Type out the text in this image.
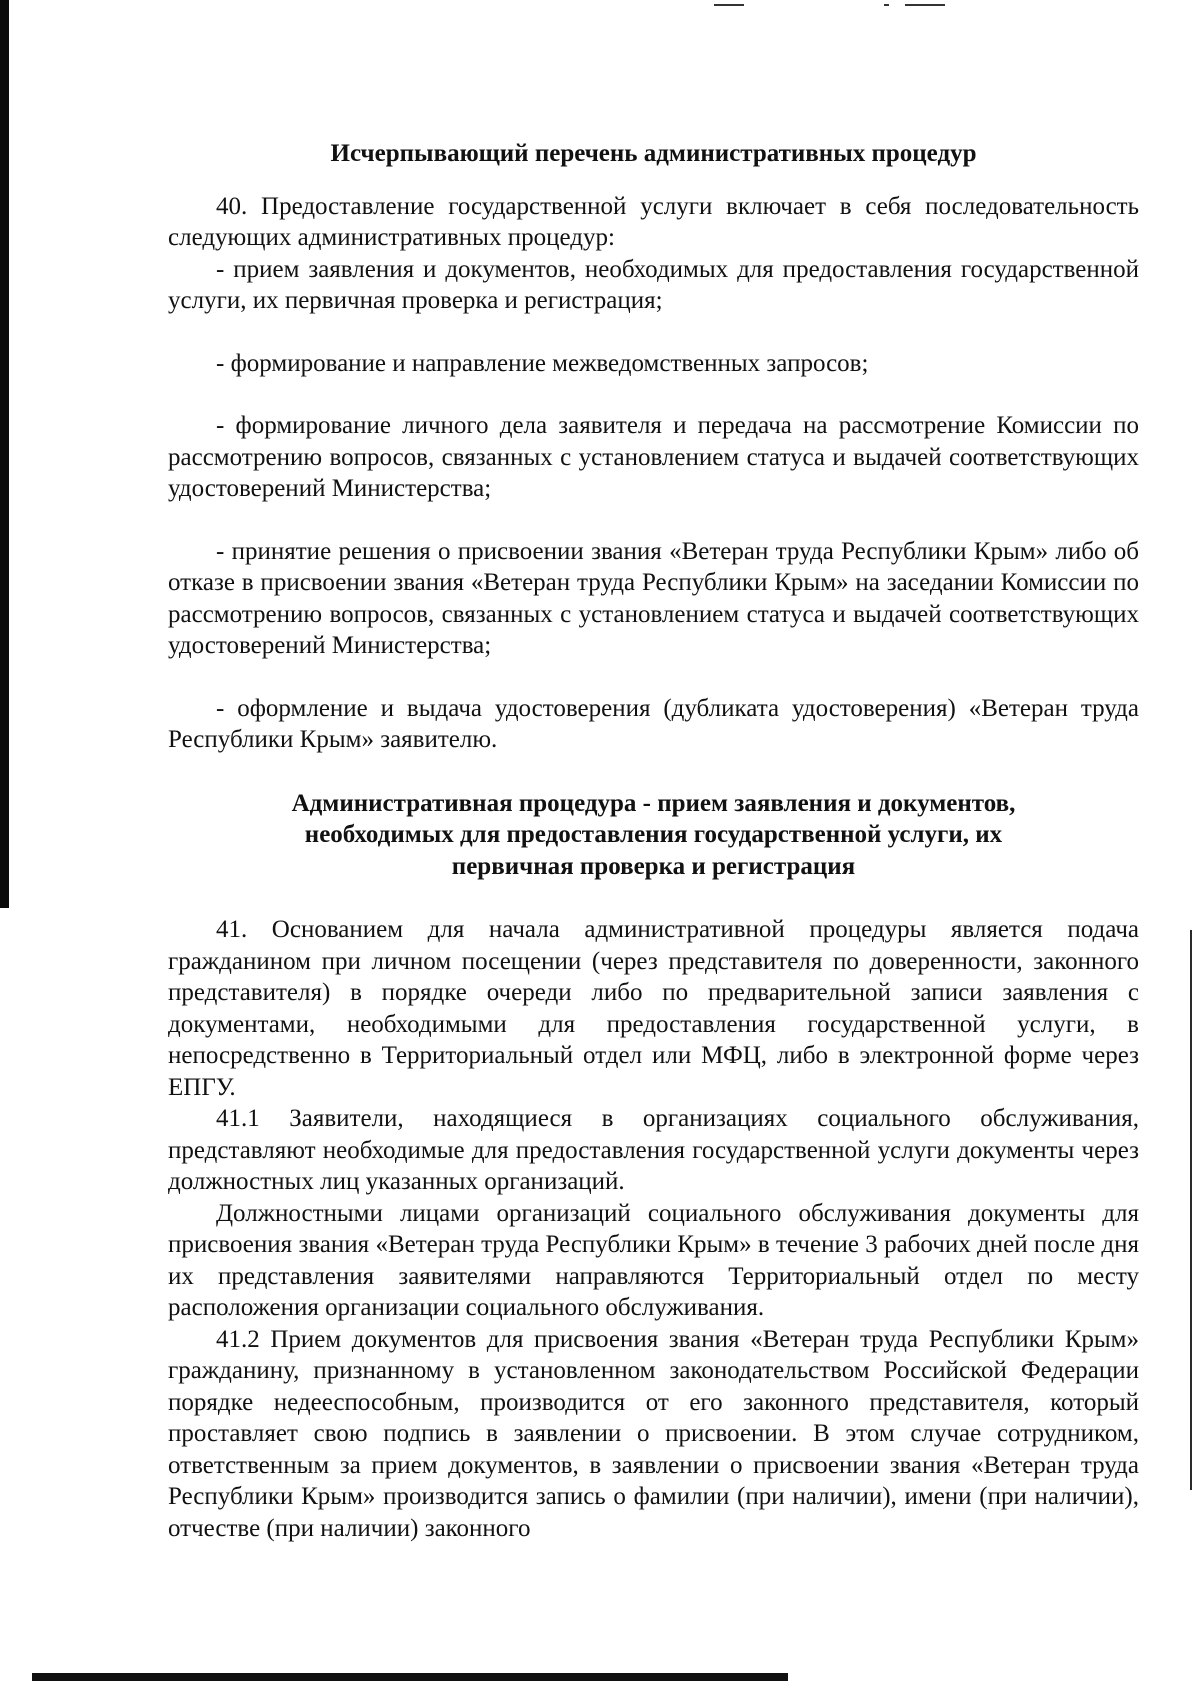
Исчерпывающий перечень административных процедур

40. Предоставление государственной услуги включает в себя последовательность следующих административных процедур:

- прием заявления и документов, необходимых для предоставления государственной услуги, их первичная проверка и регистрация;

- формирование и направление межведомственных запросов;

- формирование личного дела заявителя и передача на рассмотрение Комиссии по рассмотрению вопросов, связанных с установлением статуса и выдачей соответствующих удостоверений Министерства;

- принятие решения о присвоении звания «Ветеран труда Республики Крым» либо об отказе в присвоении звания «Ветеран труда Республики Крым» на заседании Комиссии по рассмотрению вопросов, связанных с установлением статуса и выдачей соответствующих удостоверений Министерства;

- оформление и выдача удостоверения (дубликата удостоверения) «Ветеран труда Республики Крым» заявителю.

Административная процедура - прием заявления и документов, необходимых для предоставления государственной услуги, их первичная проверка и регистрация

41. Основанием для начала административной процедуры является подача гражданином при личном посещении (через представителя по доверенности, законного представителя) в порядке очереди либо по предварительной записи заявления с документами, необходимыми для предоставления государственной услуги, в непосредственно в Территориальный отдел или МФЦ, либо в электронной форме через ЕПГУ.

41.1 Заявители, находящиеся в организациях социального обслуживания, представляют необходимые для предоставления государственной услуги документы через должностных лиц указанных организаций.

Должностными лицами организаций социального обслуживания документы для присвоения звания «Ветеран труда Республики Крым» в течение 3 рабочих дней после дня их представления заявителями направляются Территориальный отдел по месту расположения организации социального обслуживания.

41.2 Прием документов для присвоения звания «Ветеран труда Республики Крым» гражданину, признанному в установленном законодательством Российской Федерации порядке недееспособным, производится от его законного представителя, который проставляет свою подпись в заявлении о присвоении. В этом случае сотрудником, ответственным за прием документов, в заявлении о присвоении звания «Ветеран труда Республики Крым» производится запись о фамилии (при наличии), имени (при наличии), отчестве (при наличии) законного
